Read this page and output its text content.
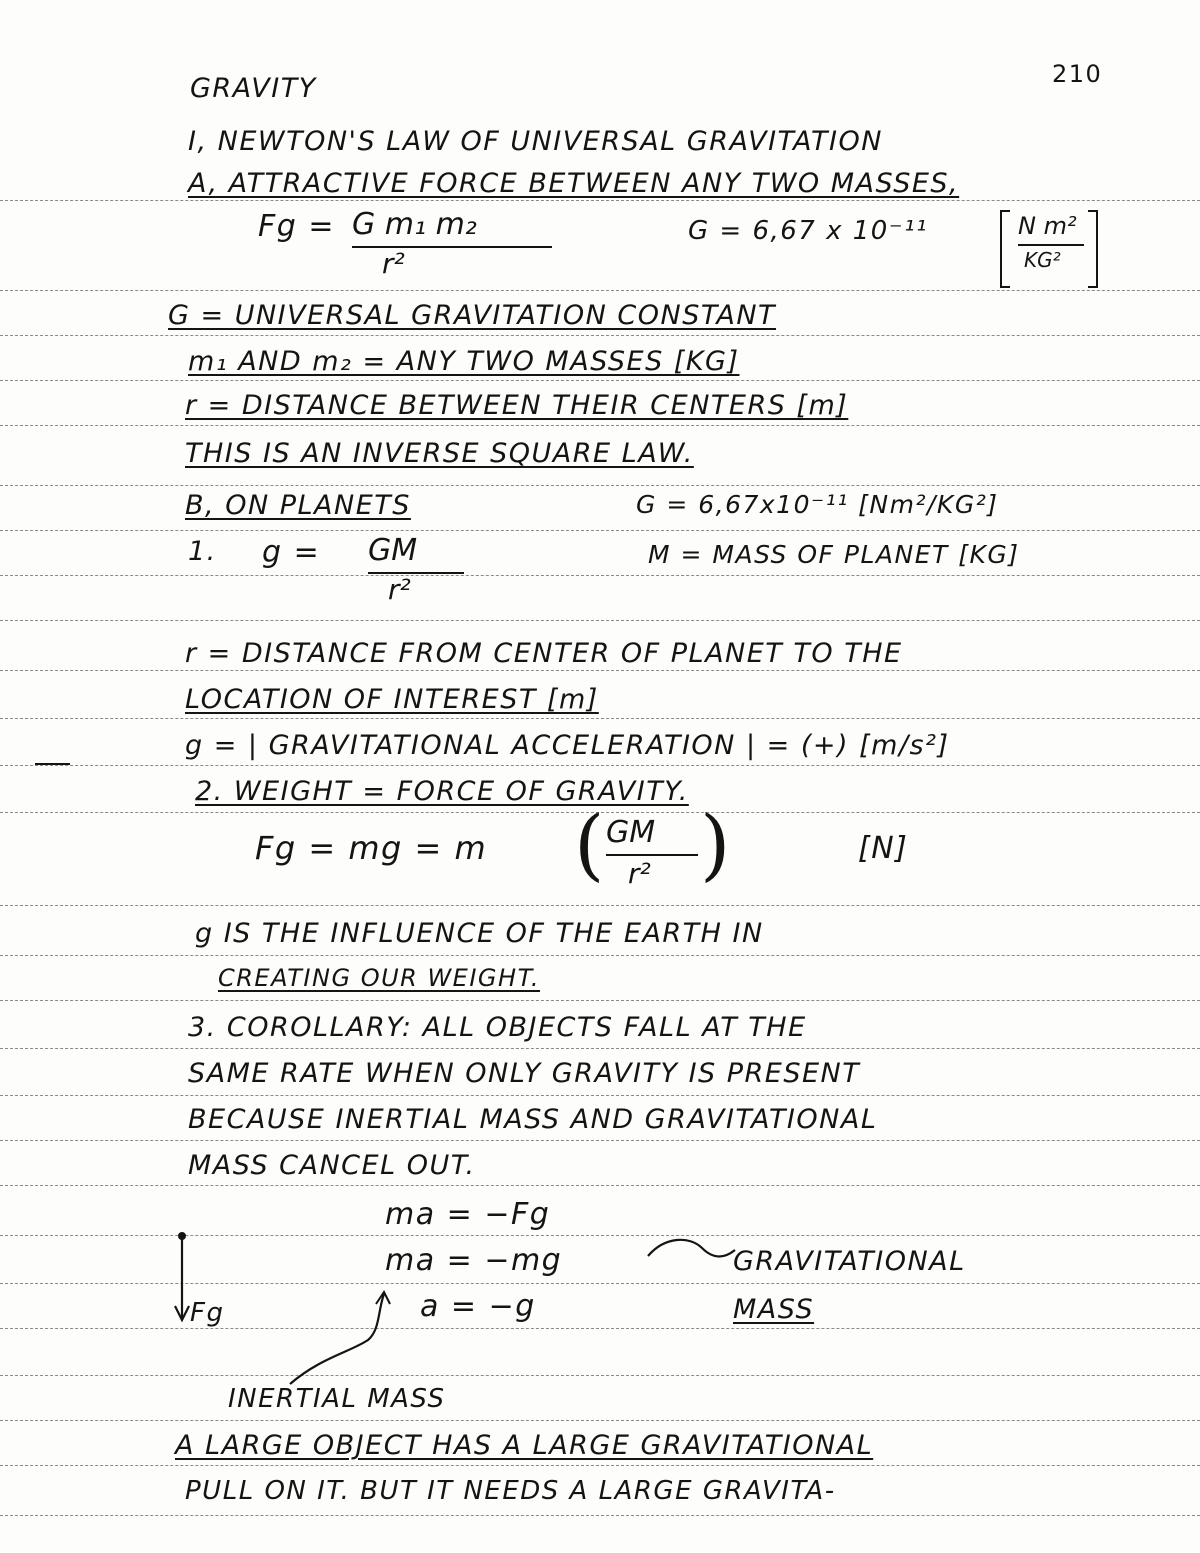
GRAVITY	210
I, NEWTON'S LAW OF UNIVERSAL GRAVITATION
A, ATTRACTIVE FORCE BETWEEN ANY TWO MASSES,
Fg = G m₁ m₂
r²
G = 6,67 x 10⁻¹¹	N m²
KG²
G = UNIVERSAL GRAVITATION CONSTANT
m₁ AND m₂ = ANY TWO MASSES [KG]
r = DISTANCE BETWEEN THEIR CENTERS [m]
THIS IS AN INVERSE SQUARE LAW.
B, ON PLANETS	G = 6,67x10⁻¹¹ [Nm²/KG²]
1. g = GM
r²
M = MASS OF PLANET [KG]
r = DISTANCE FROM CENTER OF PLANET TO THE
LOCATION OF INTEREST [m]
g = | GRAVITATIONAL ACCELERATION | = (+) [m/s²]
2. WEIGHT = FORCE OF GRAVITY.
Fg = mg = m ( GM
r² )	[N]
g IS THE INFLUENCE OF THE EARTH IN
CREATING OUR WEIGHT.
3. COROLLARY: ALL OBJECTS FALL AT THE
SAME RATE WHEN ONLY GRAVITY IS PRESENT
BECAUSE INERTIAL MASS AND GRAVITATIONAL
MASS CANCEL OUT.
ma = −Fg
ma = −mg
a = −g
GRAVITATIONAL
MASS
Fg
INERTIAL MASS
A LARGE OBJECT HAS A LARGE GRAVITATIONAL
PULL ON IT. BUT IT NEEDS A LARGE GRAVITA-
